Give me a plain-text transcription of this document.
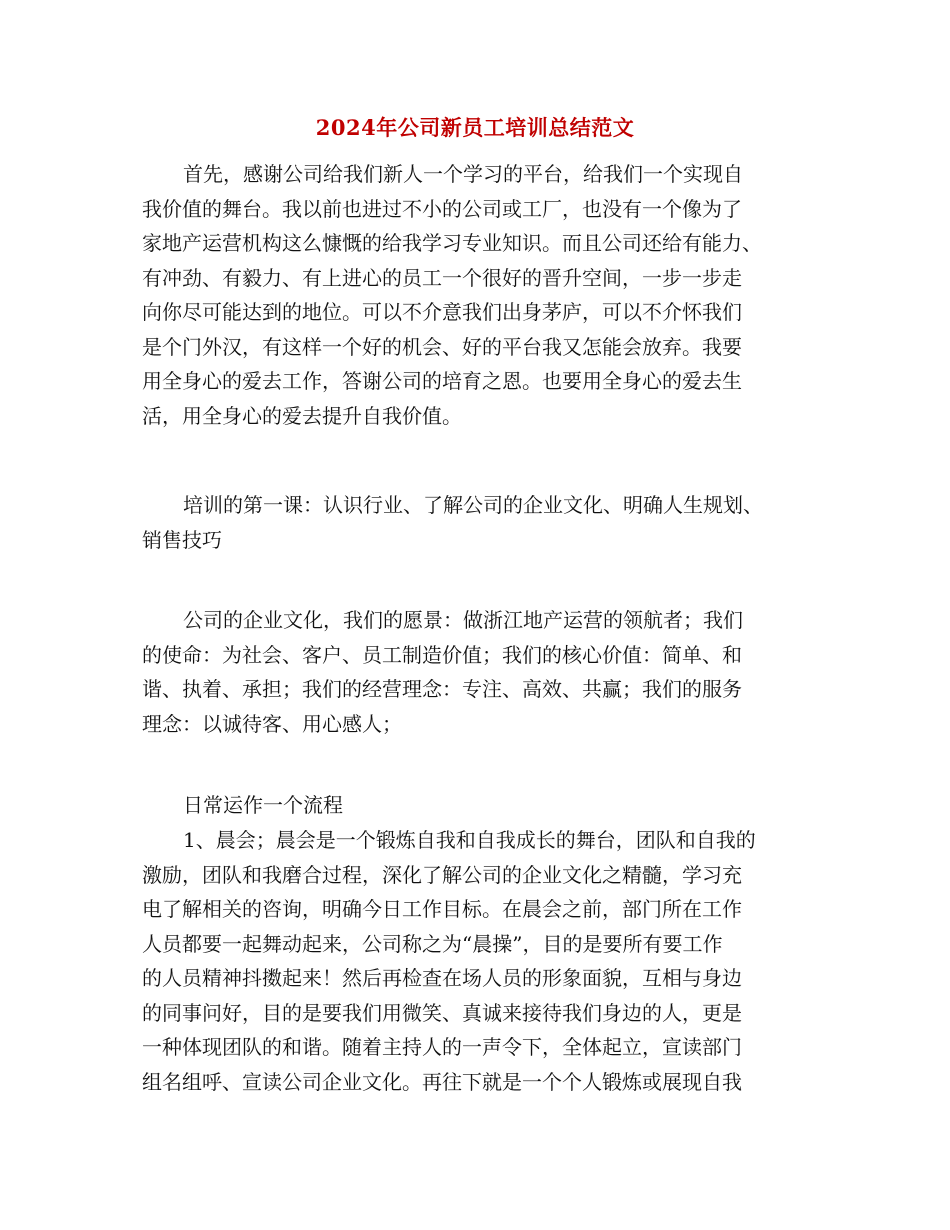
2024年公司新员工培训总结范文
首先，感谢公司给我们新人一个学习的平台，给我们一个实现自
我价值的舞台。我以前也进过不小的公司或工厂，也没有一个像为了
家地产运营机构这么慷慨的给我学习专业知识。而且公司还给有能力、
有冲劲、有毅力、有上进心的员工一个很好的晋升空间，一步一步走
向你尽可能达到的地位。可以不介意我们出身茅庐，可以不介怀我们
是个门外汉，有这样一个好的机会、好的平台我又怎能会放弃。我要
用全身心的爱去工作，答谢公司的培育之恩。也要用全身心的爱去生
活，用全身心的爱去提升自我价值。
培训的第一课：认识行业、了解公司的企业文化、明确人生规划、
销售技巧
公司的企业文化，我们的愿景：做浙江地产运营的领航者；我们
的使命：为社会、客户、员工制造价值；我们的核心价值：简单、和
谐、执着、承担；我们的经营理念：专注、高效、共赢；我们的服务
理念：以诚待客、用心感人；
日常运作一个流程
1、晨会；晨会是一个锻炼自我和自我成长的舞台，团队和自我的
激励，团队和我磨合过程，深化了解公司的企业文化之精髓，学习充
电了解相关的咨询，明确今日工作目标。在晨会之前，部门所在工作
人员都要一起舞动起来，公司称之为“晨操”，目的是要所有要工作
的人员精神抖擞起来！然后再检查在场人员的形象面貌，互相与身边
的同事问好，目的是要我们用微笑、真诚来接待我们身边的人，更是
一种体现团队的和谐。随着主持人的一声令下，全体起立，宣读部门
组名组呼、宣读公司企业文化。再往下就是一个个人锻炼或展现自我
